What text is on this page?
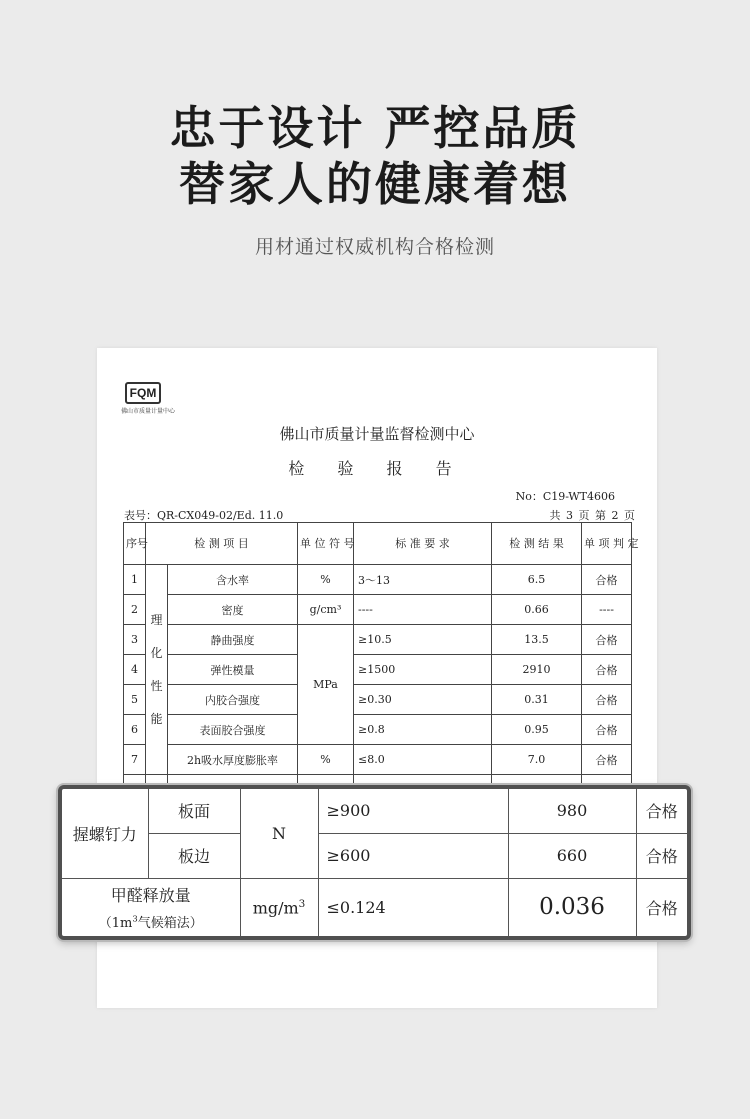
忠于设计 严控品质
替家人的健康着想
用材通过权威机构合格检测
FQM
佛山市质量计量中心
佛山市质量计量监督检测中心
检 验 报 告
No：C19-WT4606
表号：QR-CX049-02/Ed. 11.0	共 3 页 第 2 页
序号	检 测 项 目		单 位 符 号	标 准 要 求	检 测 结 果	单 项 判 定
1	理化性能	含水率	%	3～13	6.5	合格
2		密度	g/cm³	----	0.66	----
3		静曲强度	MPa	≥10.5	13.5	合格
4		弹性模量		≥1500	2910	合格
5		内胶合强度		≥0.30	0.31	合格
6		表面胶合强度		≥0.8	0.95	合格
7		2h吸水厚度膨胀率	%	≤8.0	7.0	合格

握螺钉力	板面	N	≥900	980	合格
	板边		≥600	660	合格

甲醛释放量
（$1m^3$气候箱法）		$mg/m^3$	≤0.124	0.036	合格
